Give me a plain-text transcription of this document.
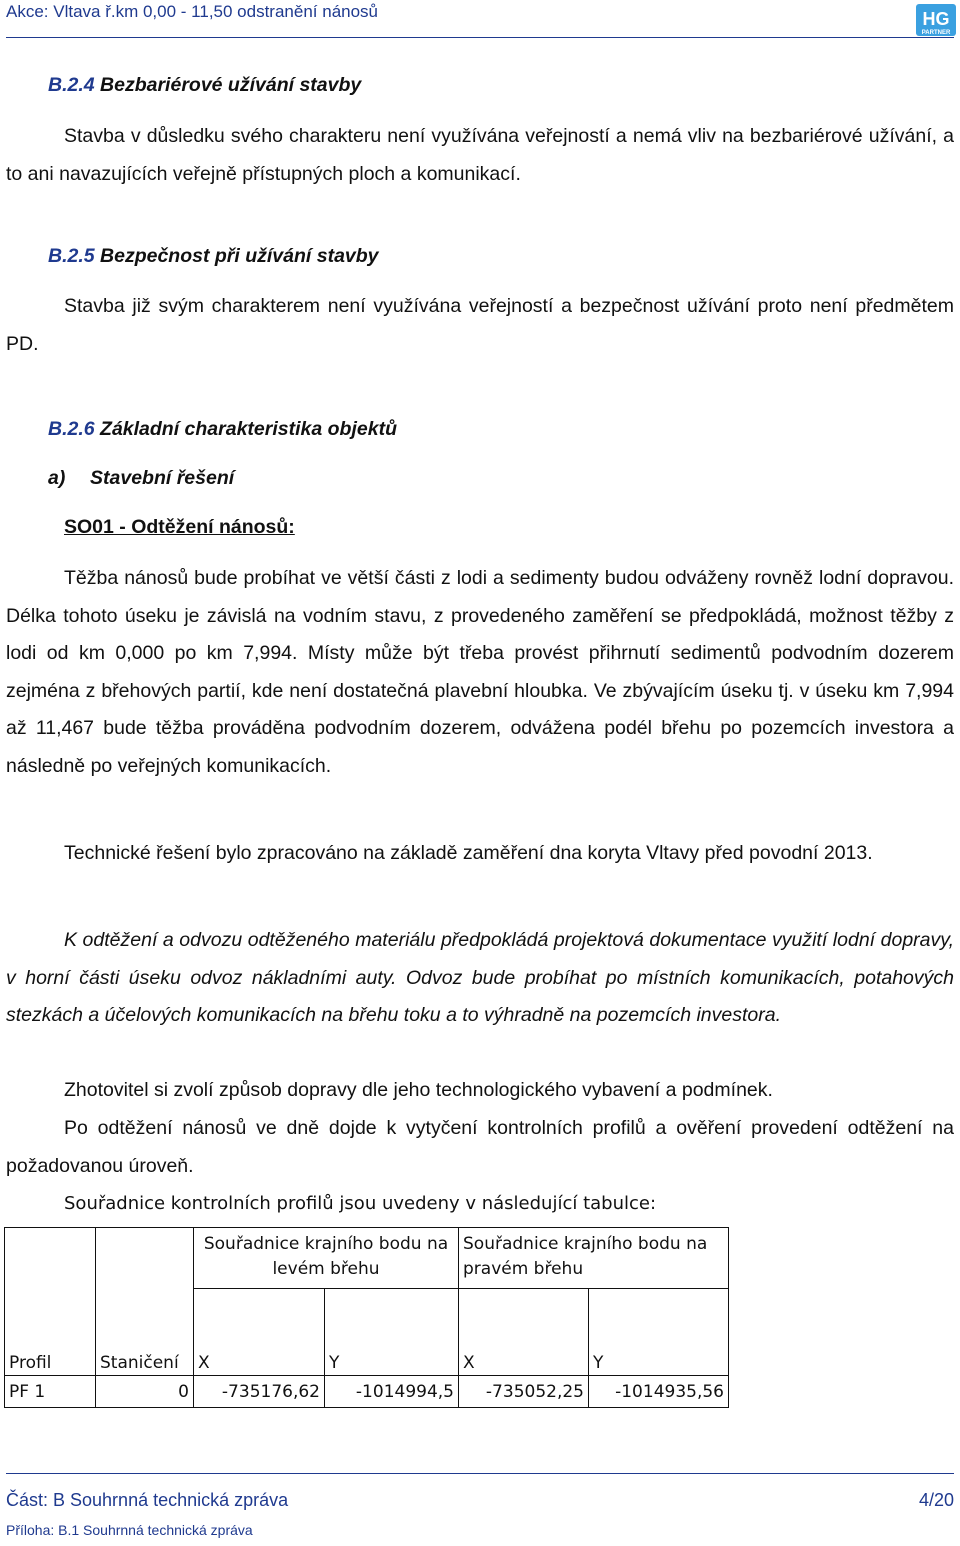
Akce: Vltava ř.km 0,00 - 11,50 odstranění nánosů	HG
PARTNER
B.2.4 Bezbariérové užívání stavby

Stavba v důsledku svého charakteru není využívána veřejností a nemá vliv na bezbariérové užívání, a to ani navazujících veřejně přístupných ploch a komunikací.

B.2.5 Bezpečnost při užívání stavby

Stavba již svým charakterem není využívána veřejností a bezpečnost užívání proto není předmětem PD.

B.2.6 Základní charakteristika objektů
a) Stavební řešení
SO01 - Odtěžení nánosů:

Těžba nánosů bude probíhat ve větší části z lodi a sedimenty budou odváženy rovněž lodní dopravou. Délka tohoto úseku je závislá na vodním stavu, z provedeného zaměření se předpokládá, možnost těžby z lodi od km 0,000 po km 7,994. Místy může být třeba provést přihrnutí sedimentů podvodním dozerem zejména z břehových partií, kde není dostatečná plavební hloubka. Ve zbývajícím úseku tj. v úseku km 7,994 až 11,467 bude těžba prováděna podvodním dozerem, odvážena podél břehu po pozemcích investora a následně po veřejných komunikacích.

Technické řešení bylo zpracováno na základě zaměření dna koryta Vltavy před povodní 2013.

K odtěžení a odvozu odtěženého materiálu předpokládá projektová dokumentace využití lodní dopravy, v horní části úseku odvoz nákladními auty. Odvoz bude probíhat po místních komunikacích, potahových stezkách a účelových komunikacích na břehu toku a to výhradně na pozemcích investora.

Zhotovitel si zvolí způsob dopravy dle jeho technologického vybavení a podmínek.

Po odtěžení nánosů ve dně dojde k vytyčení kontrolních profilů a ověření provedení odtěžení na požadovanou úroveň.

Souřadnice kontrolních profilů jsou uvedeny v následující tabulce:

		Souřadnice krajního bodu na levém břehu		Souřadnice krajního bodu na pravém břehu	

Profil	Staničení	X	Y	X	Y
PF 1	0	-735176,62	-1014994,5	-735052,25	-1014935,56
Část: B Souhrnná technická zpráva	4/20
Příloha: B.1 Souhrnná technická zpráva
